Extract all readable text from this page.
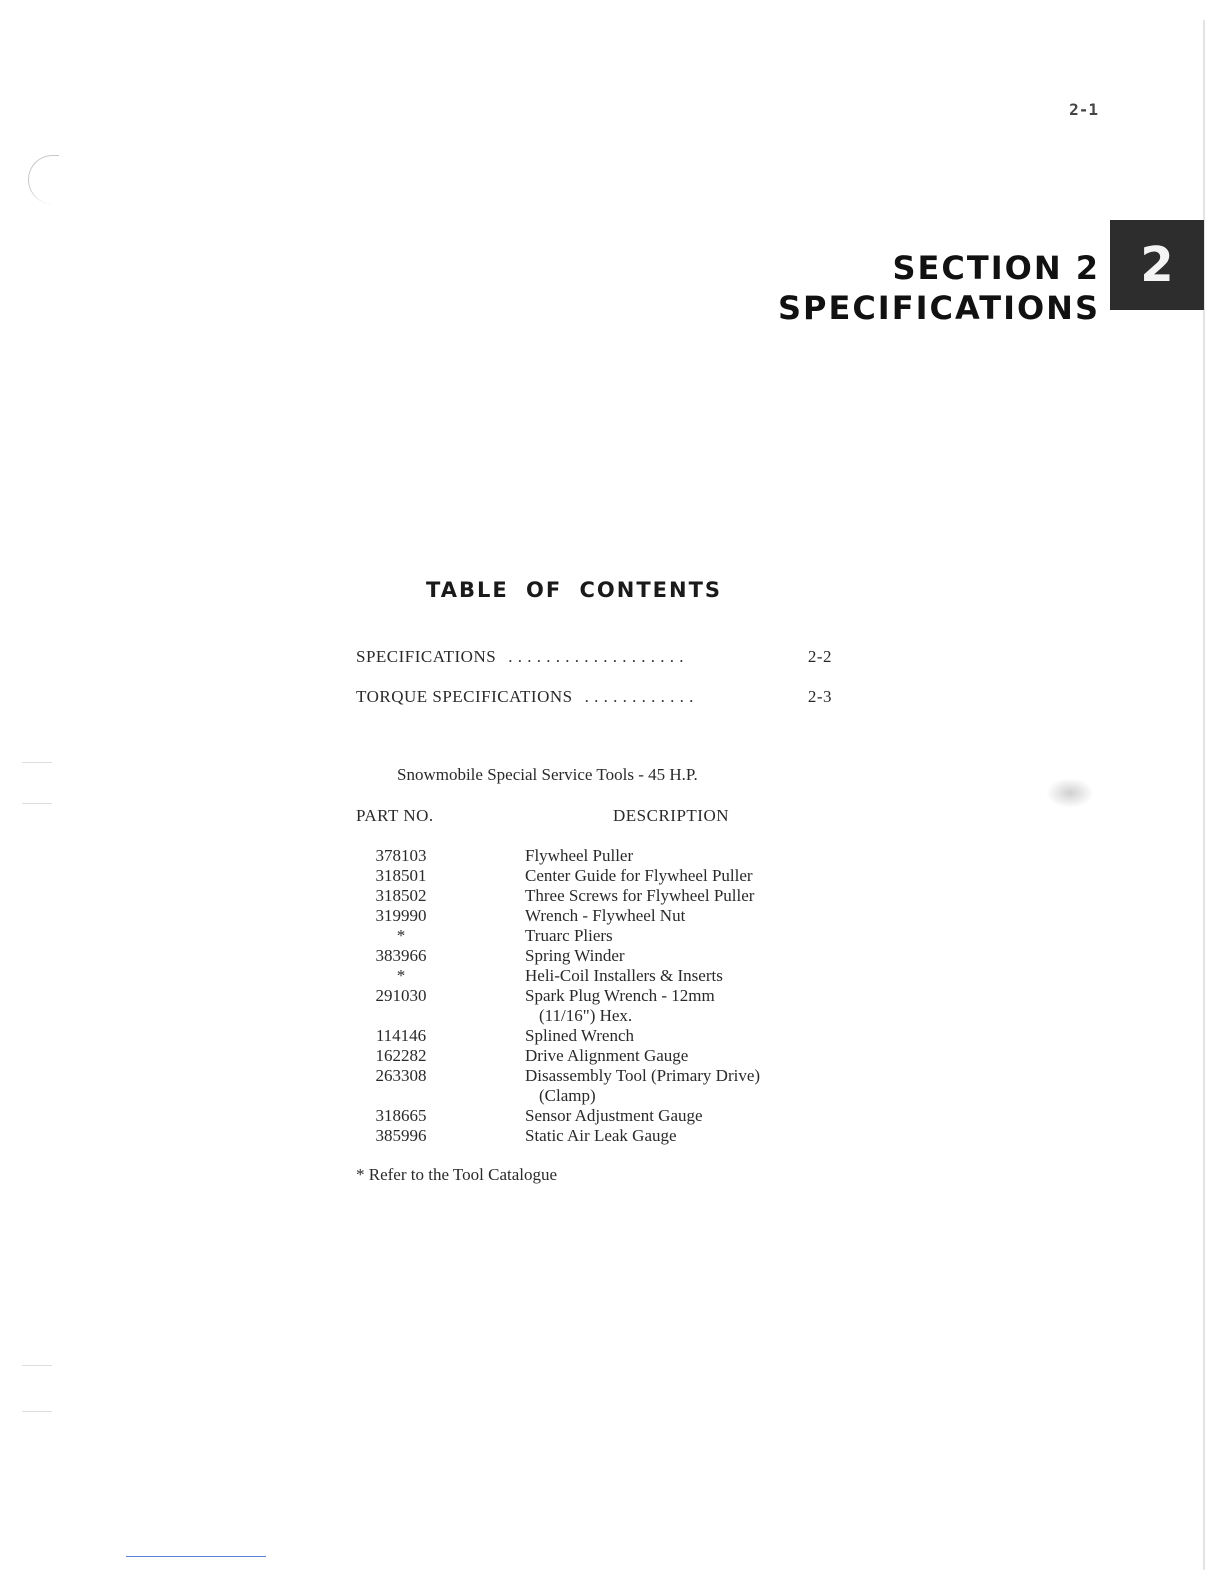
2-1
SECTION 2
SPECIFICATIONS
2
TABLE OF CONTENTS
SPECIFICATIONS . . . . . . . . . . . . . . . . . . .	2-2
TORQUE SPECIFICATIONS . . . . . . . . . . . .	2-3
Snowmobile Special Service Tools - 45 H.P.
PART NO.	DESCRIPTION
378103	Flywheel Puller
318501	Center Guide for Flywheel Puller
318502	Three Screws for Flywheel Puller
319990	Wrench - Flywheel Nut
*	Truarc Pliers
383966	Spring Winder
*	Heli-Coil Installers & Inserts
291030	Spark Plug Wrench - 12mm
(11/16") Hex.
114146	Splined Wrench
162282	Drive Alignment Gauge
263308	Disassembly Tool (Primary Drive)
(Clamp)
318665	Sensor Adjustment Gauge
385996	Static Air Leak Gauge
* Refer to the Tool Catalogue
